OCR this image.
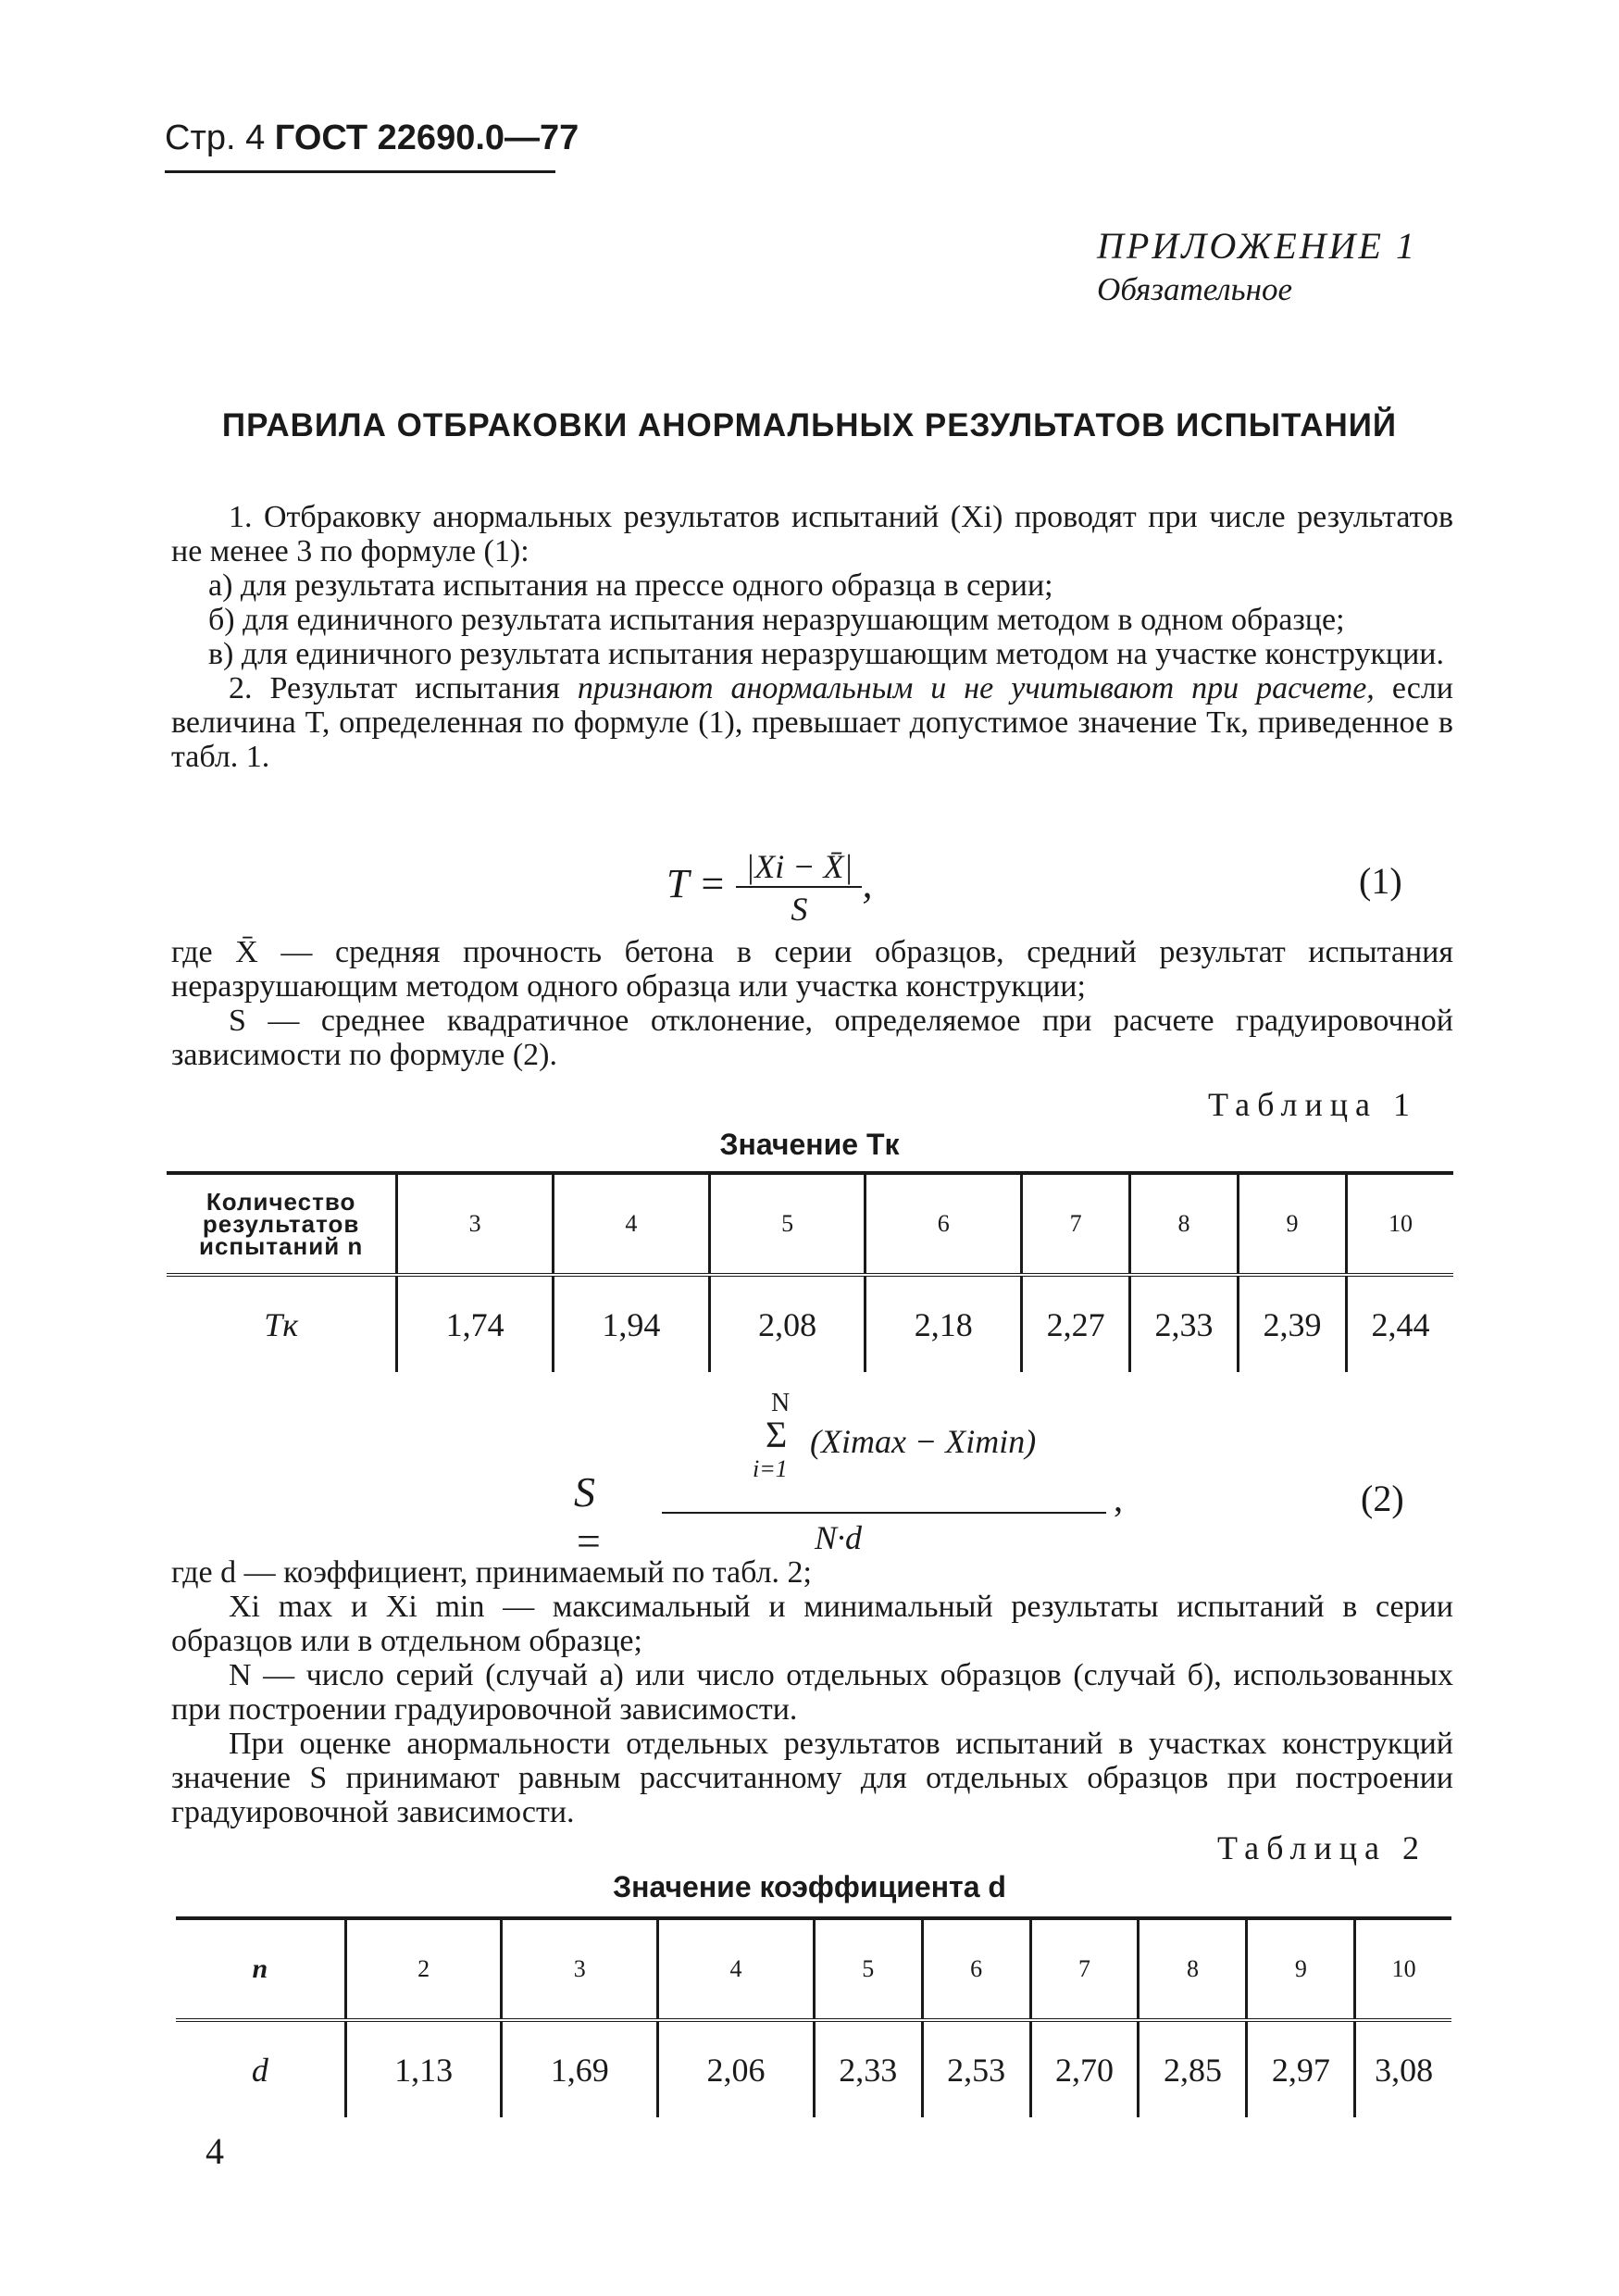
Стр. 4 ГОСТ 22690.0—77
ПРИЛОЖЕНИЕ 1
Обязательное
ПРАВИЛА ОТБРАКОВКИ АНОРМАЛЬНЫХ РЕЗУЛЬТАТОВ ИСПЫТАНИЙ

1. Отбраковку анормальных результатов испытаний (Xi) проводят при числе результатов не менее 3 по формуле (1):

а) для результата испытания на прессе одного образца в серии;

б) для единичного результата испытания неразрушающим методом в одном образце;

в) для единичного результата испытания неразрушающим методом на участке конструкции.

2. Результат испытания признают анормальным и не учитывают при расчете, если величина T, определенная по формуле (1), превышает допустимое значение Tк, приведенное в табл. 1.

$T = \frac{|Xi - X̄|}{S}$ ,	(1)

где X̄ — средняя прочность бетона в серии образцов, средний результат испытания неразрушающим методом одного образца или участка конструкции;

S — среднее квадратичное отклонение, определяемое при расчете градуировочной зависимости по формуле (2).

Таблица 1
Значение Tк
Количество результатов испытаний n	3	4	5	6	7	8	9	10
Tк	1,74	1,94	2,08	2,18	2,27	2,33	2,39	2,44
S =
N
Σ
i=1
(Ximax − Ximin)
N·d
,	(2)

где d — коэффициент, принимаемый по табл. 2;

Xi max и Xi min — максимальный и минимальный результаты испытаний в серии образцов или в отдельном образце;

N — число серий (случай а) или число отдельных образцов (случай б), использованных при построении градуировочной зависимости.

При оценке анормальности отдельных результатов испытаний в участках конструкций значение S принимают равным рассчитанному для отдельных образцов при построении градуировочной зависимости.

Таблица 2
Значение коэффициента d
n	2	3	4	5	6	7	8	9	10
d	1,13	1,69	2,06	2,33	2,53	2,70	2,85	2,97	3,08
4
